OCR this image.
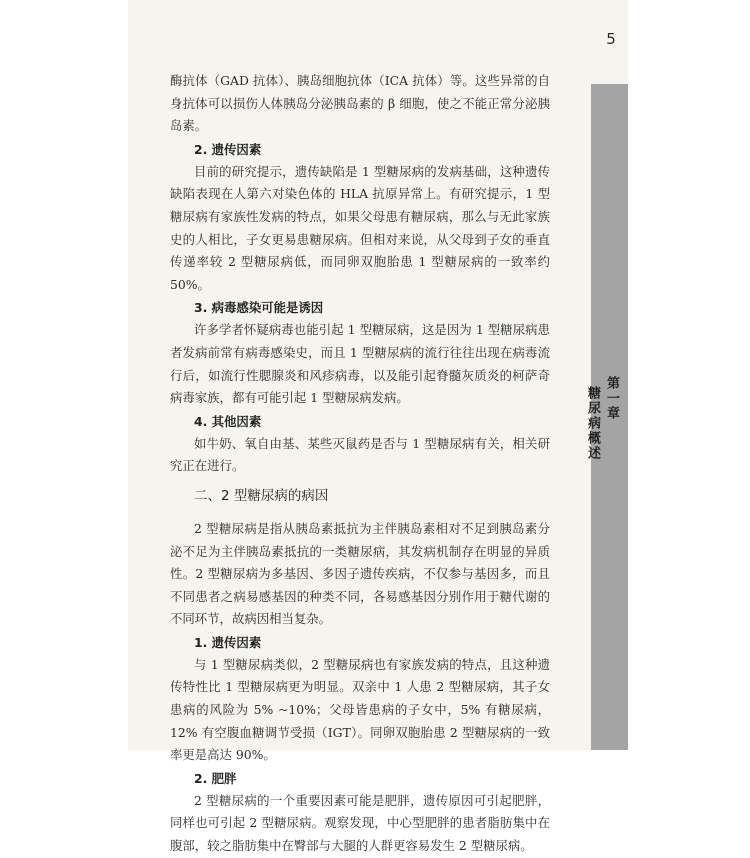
5
第一章
糖尿病概述

酶抗体（GAD 抗体）、胰岛细胞抗体（ICA 抗体）等。这些异常的自身抗体可以损伤人体胰岛分泌胰岛素的 β 细胞，使之不能正常分泌胰岛素。

2. 遗传因素

目前的研究提示，遗传缺陷是 1 型糖尿病的发病基础，这种遗传缺陷表现在人第六对染色体的 HLA 抗原异常上。有研究提示，1 型糖尿病有家族性发病的特点，如果父母患有糖尿病，那么与无此家族史的人相比，子女更易患糖尿病。但相对来说，从父母到子女的垂直传递率较 2 型糖尿病低，而同卵双胞胎患 1 型糖尿病的一致率约 50%。

3. 病毒感染可能是诱因

许多学者怀疑病毒也能引起 1 型糖尿病，这是因为 1 型糖尿病患者发病前常有病毒感染史，而且 1 型糖尿病的流行往往出现在病毒流行后，如流行性腮腺炎和风疹病毒，以及能引起脊髓灰质炎的柯萨奇病毒家族，都有可能引起 1 型糖尿病发病。

4. 其他因素

如牛奶、氧自由基、某些灭鼠药是否与 1 型糖尿病有关，相关研究正在进行。

二、2 型糖尿病的病因

2 型糖尿病是指从胰岛素抵抗为主伴胰岛素相对不足到胰岛素分泌不足为主伴胰岛素抵抗的一类糖尿病，其发病机制存在明显的异质性。2 型糖尿病为多基因、多因子遗传疾病，不仅参与基因多，而且不同患者之病易感基因的种类不同，各易感基因分别作用于糖代谢的不同环节，故病因相当复杂。

1. 遗传因素

与 1 型糖尿病类似，2 型糖尿病也有家族发病的特点，且这种遗传特性比 1 型糖尿病更为明显。双亲中 1 人患 2 型糖尿病，其子女患病的风险为 5% ~10%；父母皆患病的子女中，5% 有糖尿病，12% 有空腹血糖调节受损（IGT）。同卵双胞胎患 2 型糖尿病的一致率更是高达 90%。

2. 肥胖

2 型糖尿病的一个重要因素可能是肥胖，遗传原因可引起肥胖，同样也可引起 2 型糖尿病。观察发现，中心型肥胖的患者脂肪集中在腹部，较之脂肪集中在臀部与大腿的人群更容易发生 2 型糖尿病。
